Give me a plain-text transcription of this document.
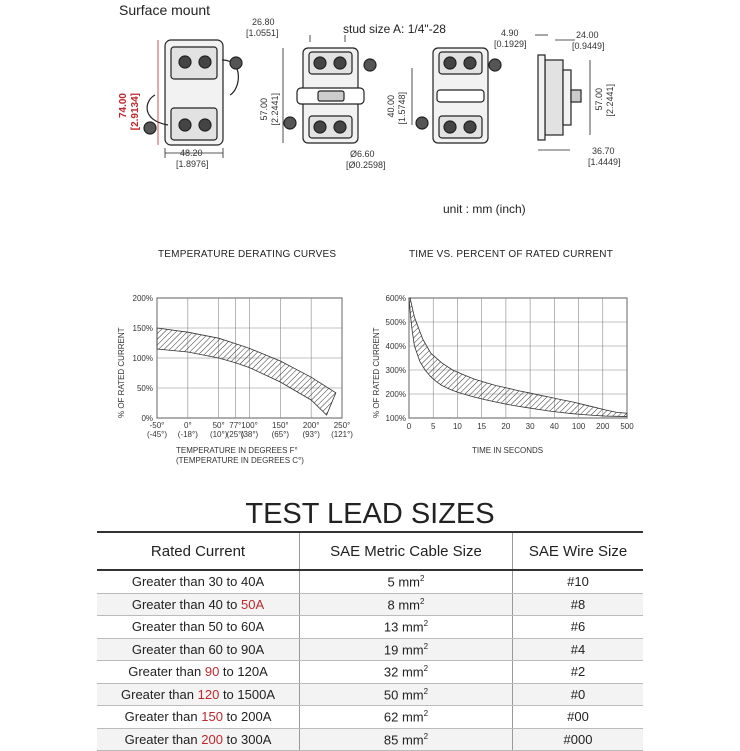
Surface mount
74.00 [2.9134]
48.20
[1.8976]
26.80
[1.0551]	stud size A: 1/4"-28
57.00 [2.2441]
Ø6.60
[Ø0.2598]
40.00 [1.5748]
4.90
[0.1929]
24.00
[0.9449]
57.00 [2.2441]
36.70
[1.4449]
unit : mm (inch)
TEMPERATURE DERATING CURVES	TIME VS. PERCENT OF RATED CURRENT
0%
50%
100%
150%
200%
-50°
(-45°)
0°
(-18°)
50°
(10°)
77°
(25°)
100°
(38°)
150°
(65°)
200°
(93°)
250°
(121°)
% OF RATED CURRENT
TEMPERATURE IN DEGREES F°
(TEMPERATURE IN DEGREES C°)
100%
200%
300%
400%
500%
600%
0 5 10 15 20 30 40 100 200 500
% OF RATED CURRENT
TIME IN SECONDS
TEST LEAD SIZES
Rated Current	SAE Metric Cable Size	SAE Wire Size
Greater than 30 to 40A	5 $mm^2$	#10
Greater than 40 to 50A	8 $mm^2$	#8
Greater than 50 to 60A	13 $mm^2$	#6
Greater than 60 to 90A	19 $mm^2$	#4
Greater than 90 to 120A	32 $mm^2$	#2
Greater than 120 to 1500A	50 $mm^2$	#0
Greater than 150 to 200A	62 $mm^2$	#00
Greater than 200 to 300A	85 $mm^2$	#000
